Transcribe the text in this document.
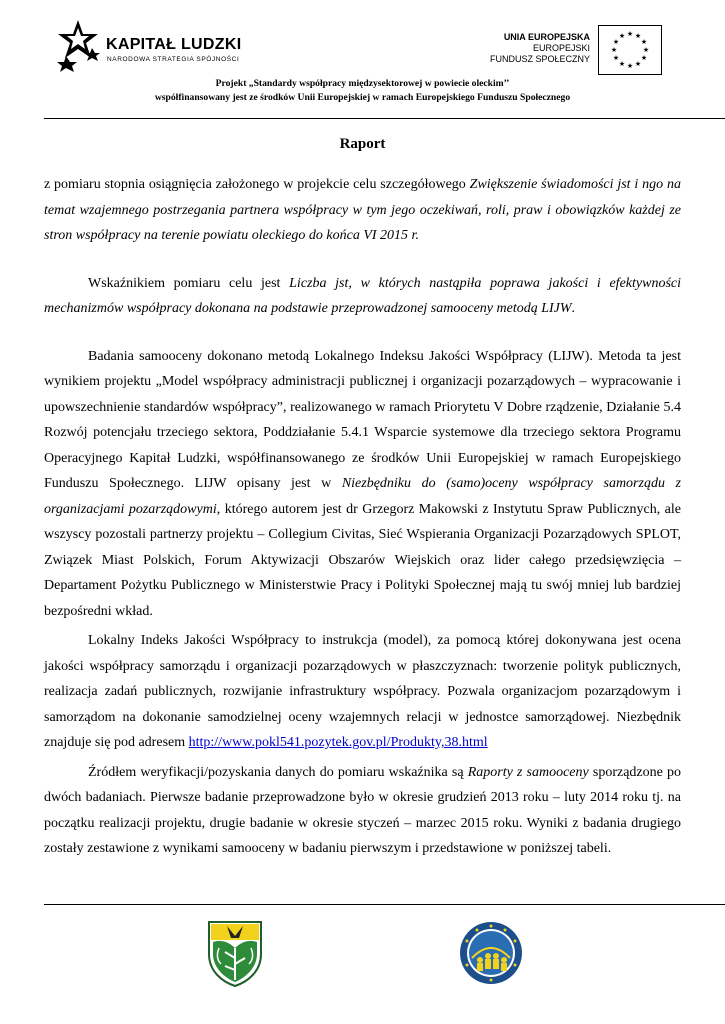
KAPITAŁ LUDZKI
NARODOWA STRATEGIA SPÓJNOŚCI
UNIA EUROPEJSKA
EUROPEJSKI
FUNDUSZ SPOŁECZNY
★ ★
★
★
★
★
★
★
★
★
★
★
Projekt „Standardy współpracy międzysektorowej w powiecie oleckim’’
współfinansowany jest ze środków Unii Europejskiej w ramach Europejskiego Funduszu Społecznego
Raport

z pomiaru stopnia osiągnięcia założonego w projekcie celu szczegółowego Zwiększenie świadomości jst i ngo na temat wzajemnego postrzegania partnera współpracy w tym jego oczekiwań, roli, praw i obowiązków każdej ze stron współpracy na terenie powiatu oleckiego do końca VI 2015 r.

Wskaźnikiem pomiaru celu jest Liczba jst, w których nastąpiła poprawa jakości i efektywności mechanizmów współpracy dokonana na podstawie przeprowadzonej samooceny metodą LIJW.

Badania samooceny dokonano metodą Lokalnego Indeksu Jakości Współpracy (LIJW). Metoda ta jest wynikiem projektu „Model współpracy administracji publicznej i organizacji pozarządowych – wypracowanie i upowszechnienie standardów współpracy”, realizowanego w ramach Priorytetu V Dobre rządzenie, Działanie 5.4 Rozwój potencjału trzeciego sektora, Poddziałanie 5.4.1 Wsparcie systemowe dla trzeciego sektora Programu Operacyjnego Kapitał Ludzki, współfinansowanego ze środków Unii Europejskiej w ramach Europejskiego Funduszu Społecznego. LIJW opisany jest w Niezbędniku do (samo)oceny współpracy samorządu z organizacjami pozarządowymi, którego autorem jest dr Grzegorz Makowski z Instytutu Spraw Publicznych, ale wszyscy pozostali partnerzy projektu – Collegium Civitas, Sieć Wspierania Organizacji Pozarządowych SPLOT, Związek Miast Polskich, Forum Aktywizacji Obszarów Wiejskich oraz lider całego przedsięwzięcia – Departament Pożytku Publicznego w Ministerstwie Pracy i Polityki Społecznej mają tu swój mniej lub bardziej bezpośredni wkład.

Lokalny Indeks Jakości Współpracy to instrukcja (model), za pomocą której dokonywana jest ocena jakości współpracy samorządu i organizacji pozarządowych w płaszczyznach: tworzenie polityk publicznych, realizacja zadań publicznych, rozwijanie infrastruktury współpracy. Pozwala organizacjom pozarządowym i samorządom na dokonanie samodzielnej oceny wzajemnych relacji w jednostce samorządowej. Niezbędnik znajduje się pod adresem http://www.pokl541.pozytek.gov.pl/Produkty,38.html

Źródłem weryfikacji/pozyskania danych do pomiaru wskaźnika są Raporty z samooceny sporządzone po dwóch badaniach. Pierwsze badanie przeprowadzone było w okresie grudzień 2013 roku – luty 2014 roku tj. na początku realizacji projektu, drugie badanie w okresie styczeń – marzec 2015 roku. Wyniki z badania drugiego zostały zestawione z wynikami samooceny w badaniu pierwszym i przedstawione w poniższej tabeli.
